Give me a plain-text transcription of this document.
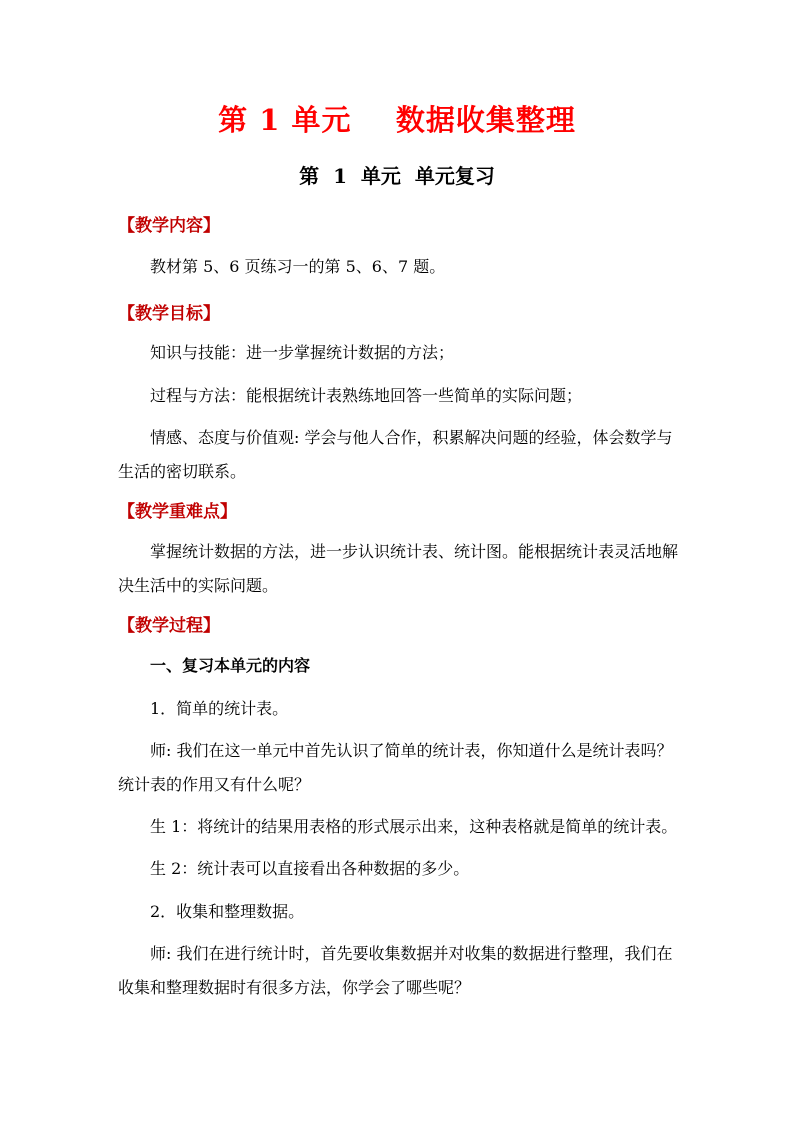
第 1 单元    数据收集整理
第  1  单元  单元复习
【教学内容】
教材第 5、6 页练习一的第 5、6、7 题。
【教学目标】
知识与技能：进一步掌握统计数据的方法；
过程与方法：能根据统计表熟练地回答一些简单的实际问题；
情感、态度与价值观: 学会与他人合作，积累解决问题的经验，体会数学与生活的密切联系。
【教学重难点】
掌握统计数据的方法，进一步认识统计表、统计图。能根据统计表灵活地解决生活中的实际问题。
【教学过程】
一、复习本单元的内容
1．简单的统计表。
师: 我们在这一单元中首先认识了简单的统计表，你知道什么是统计表吗？统计表的作用又有什么呢？
生 1：将统计的结果用表格的形式展示出来，这种表格就是简单的统计表。
生 2：统计表可以直接看出各种数据的多少。
2．收集和整理数据。
师: 我们在进行统计时，首先要收集数据并对收集的数据进行整理，我们在收集和整理数据时有很多方法，你学会了哪些呢？
